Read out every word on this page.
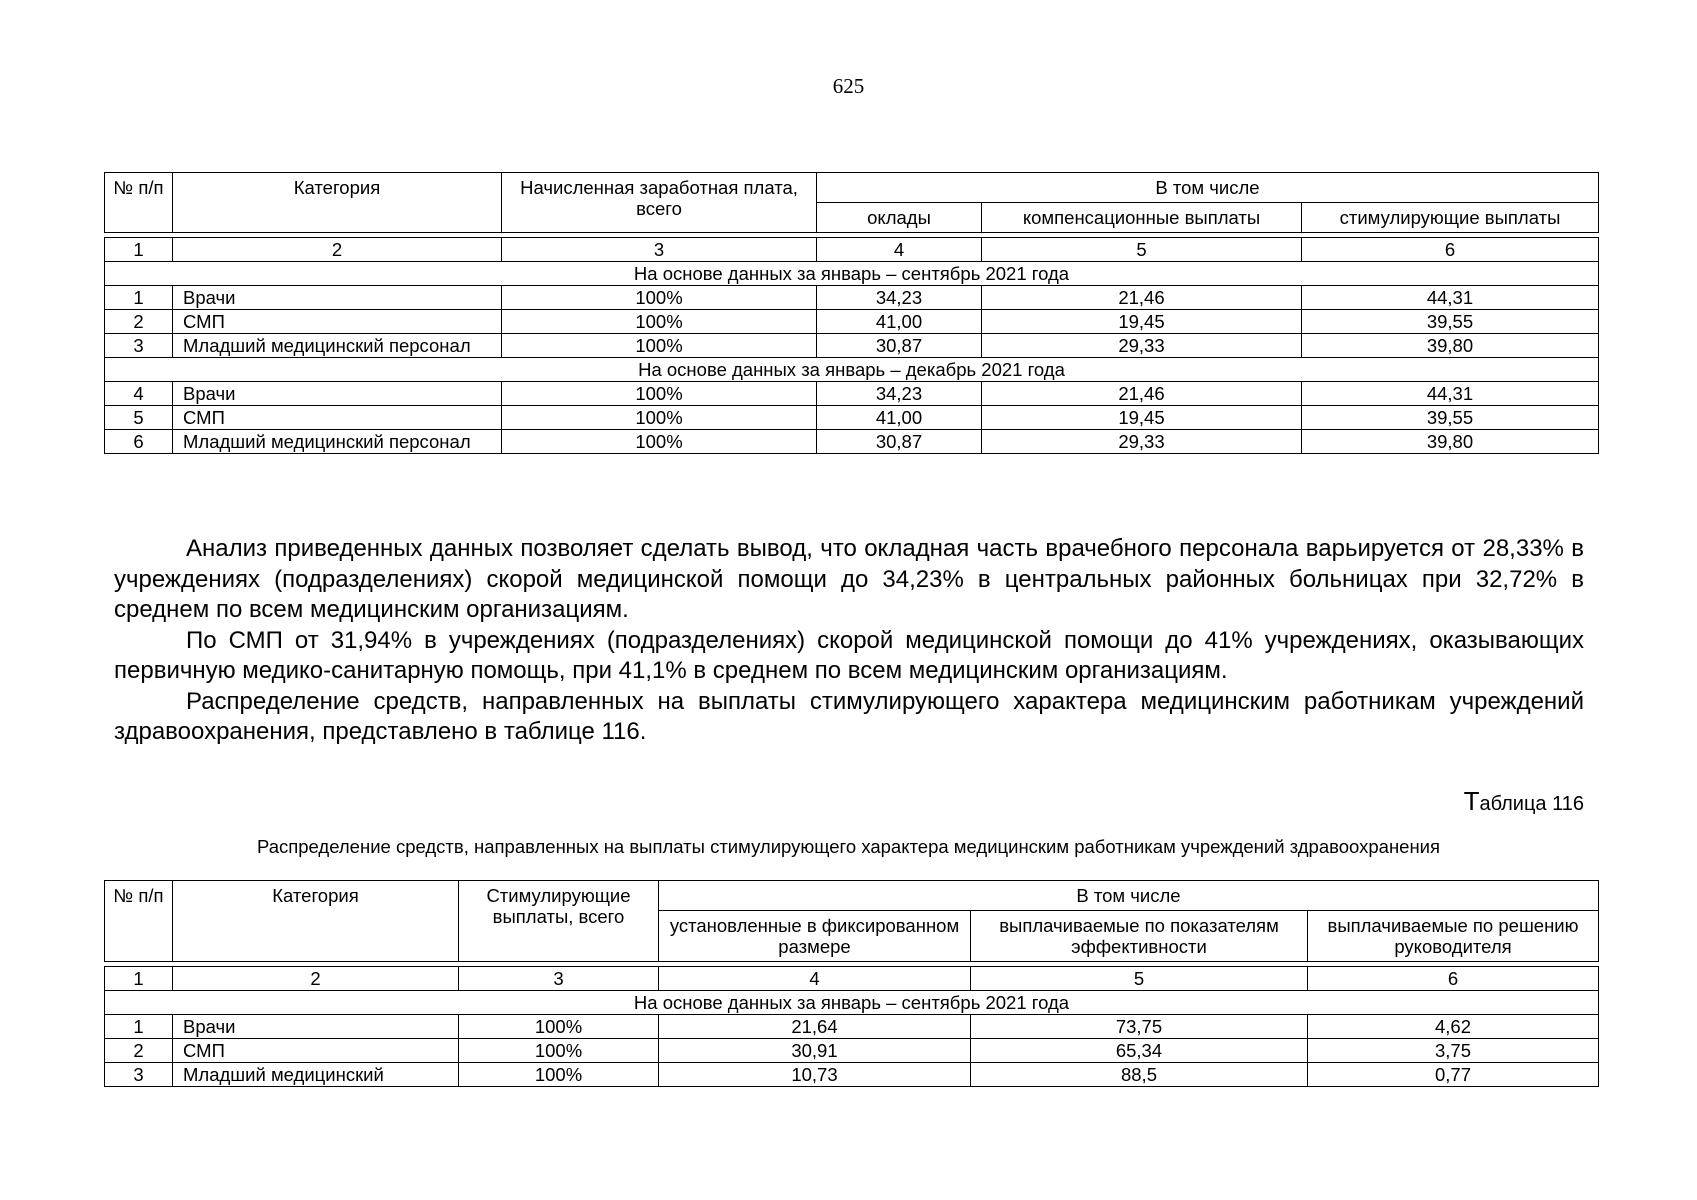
625
№ п/п	Категория	Начисленная заработная плата, всего	В том числе		
			оклады	компенсационные выплаты	стимулирующие выплаты

1	2	3	4	5	6
На основе данных за январь – сентябрь 2021 года					
1	Врачи	100%	34,23	21,46	44,31
2	СМП	100%	41,00	19,45	39,55
3	Младший медицинский персонал	100%	30,87	29,33	39,80
На основе данных за январь – декабрь 2021 года					
4	Врачи	100%	34,23	21,46	44,31
5	СМП	100%	41,00	19,45	39,55
6	Младший медицинский персонал	100%	30,87	29,33	39,80

Анализ приведенных данных позволяет сделать вывод, что окладная часть врачебного персонала варьируется от 28,33% в учреждениях (подразделениях) скорой медицинской помощи до 34,23% в центральных районных больницах при 32,72% в среднем по всем медицинским организациям.

По СМП от 31,94% в учреждениях (подразделениях) скорой медицинской помощи до 41% учреждениях, оказывающих первичную медико-санитарную помощь, при 41,1% в среднем по всем медицинским организациям.

Распределение средств, направленных на выплаты стимулирующего характера медицинским работникам учреждений здравоохранения, представлено в таблице 116.

Таблица 116
Распределение средств, направленных на выплаты стимулирующего характера медицинским работникам учреждений здравоохранения
№ п/п	Категория	Стимулирующие выплаты, всего	В том числе		
			установленные в фиксированном размере	выплачиваемые по показателям эффективности	выплачиваемые по решению руководителя

1	2	3	4	5	6
На основе данных за январь – сентябрь 2021 года					
1	Врачи	100%	21,64	73,75	4,62
2	СМП	100%	30,91	65,34	3,75
3	Младший медицинский	100%	10,73	88,5	0,77
